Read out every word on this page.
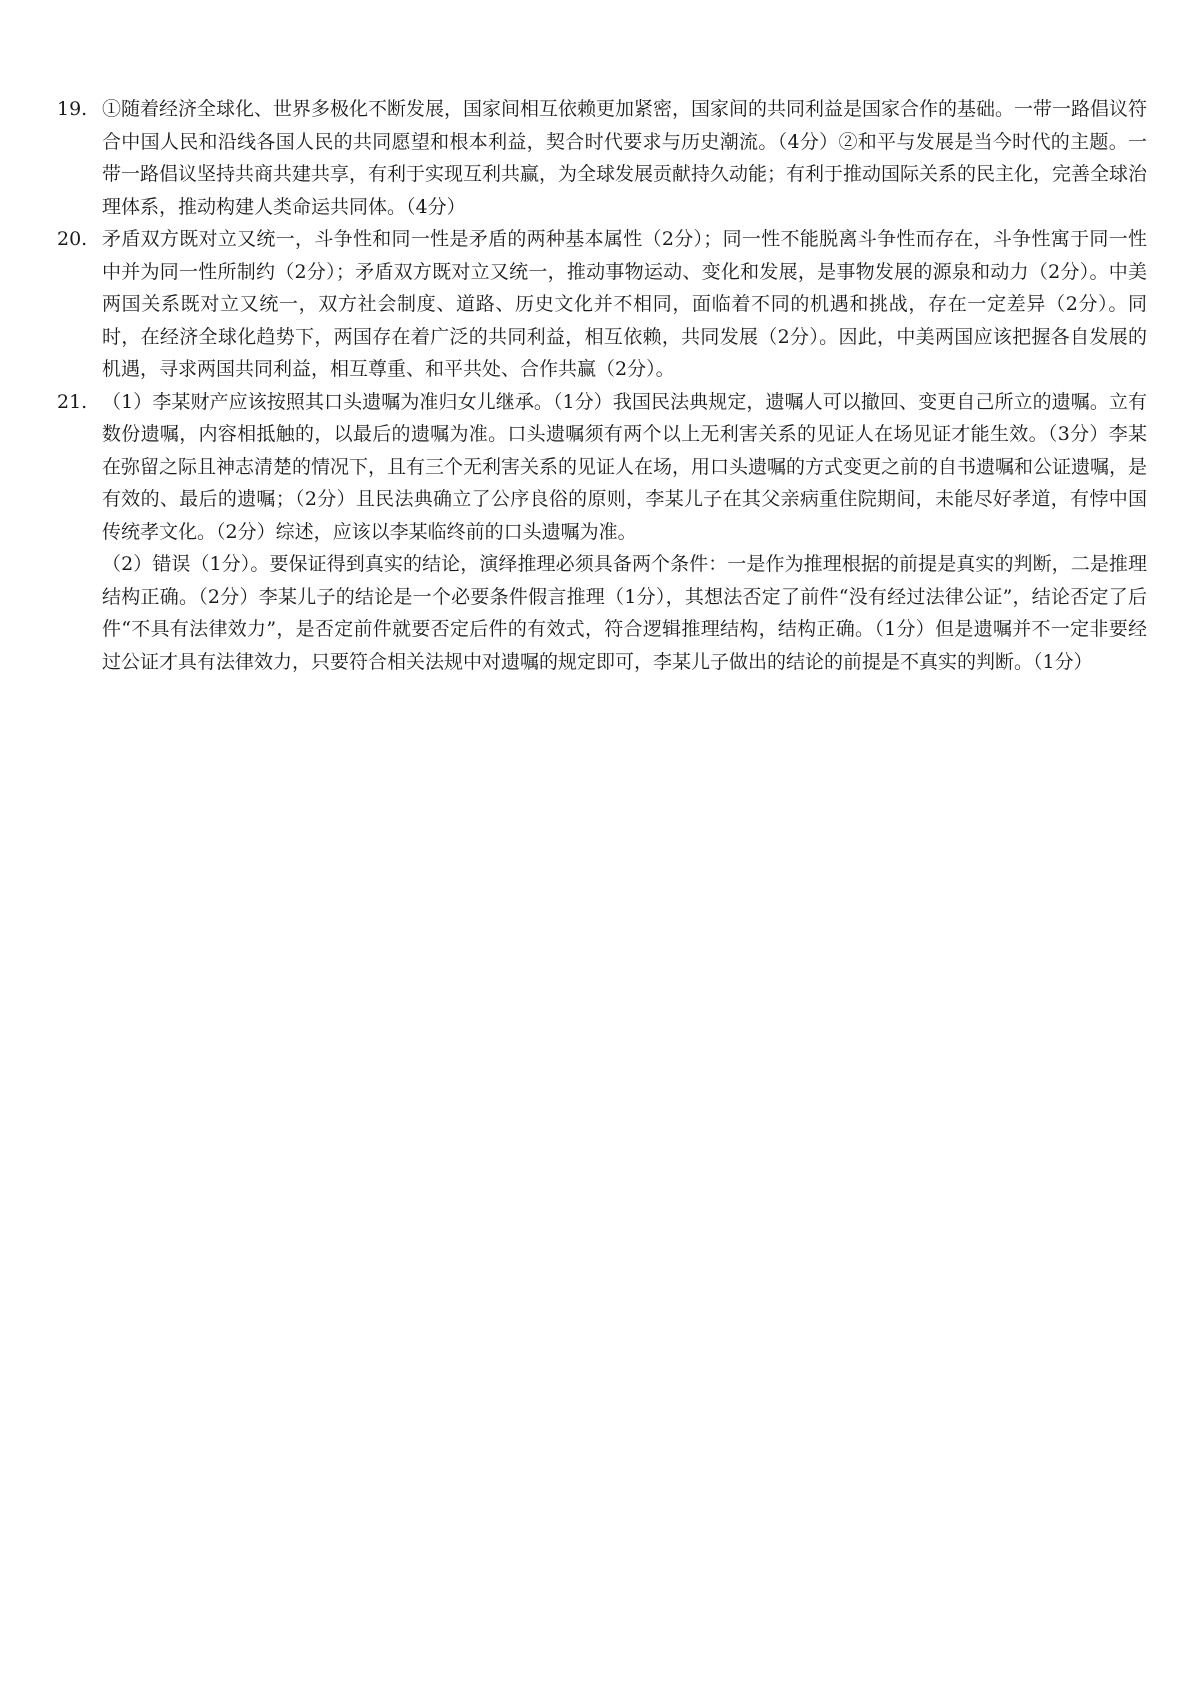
19. ①随着经济全球化、世界多极化不断发展，国家间相互依赖更加紧密，国家间的共同利益是国家合作的基础。一带一路倡议符合中国人民和沿线各国人民的共同愿望和根本利益，契合时代要求与历史潮流。（4分）②和平与发展是当今时代的主题。一带一路倡议坚持共商共建共享，有利于实现互利共赢，为全球发展贡献持久动能；有利于推动国际关系的民主化，完善全球治理体系，推动构建人类命运共同体。（4分）

20. 矛盾双方既对立又统一，斗争性和同一性是矛盾的两种基本属性（2分）；同一性不能脱离斗争性而存在，斗争性寓于同一性中并为同一性所制约（2分）；矛盾双方既对立又统一，推动事物运动、变化和发展，是事物发展的源泉和动力（2分）。中美两国关系既对立又统一，双方社会制度、道路、历史文化并不相同，面临着不同的机遇和挑战，存在一定差异（2分）。同时，在经济全球化趋势下，两国存在着广泛的共同利益，相互依赖，共同发展（2分）。因此，中美两国应该把握各自发展的机遇，寻求两国共同利益，相互尊重、和平共处、合作共赢（2分）。

21. （1）李某财产应该按照其口头遗嘱为准归女儿继承。（1分）我国民法典规定，遗嘱人可以撤回、变更自己所立的遗嘱。立有数份遗嘱，内容相抵触的，以最后的遗嘱为准。口头遗嘱须有两个以上无利害关系的见证人在场见证才能生效。（3分）李某在弥留之际且神志清楚的情况下，且有三个无利害关系的见证人在场，用口头遗嘱的方式变更之前的自书遗嘱和公证遗嘱，是有效的、最后的遗嘱；（2分）且民法典确立了公序良俗的原则，李某儿子在其父亲病重住院期间，未能尽好孝道，有悖中国传统孝文化。（2分）综述，应该以李某临终前的口头遗嘱为准。

（2）错误（1分）。要保证得到真实的结论，演绎推理必须具备两个条件：一是作为推理根据的前提是真实的判断，二是推理结构正确。（2分）李某儿子的结论是一个必要条件假言推理（1分），其想法否定了前件“没有经过法律公证”，结论否定了后件“不具有法律效力”，是否定前件就要否定后件的有效式，符合逻辑推理结构，结构正确。（1分）但是遗嘱并不一定非要经过公证才具有法律效力，只要符合相关法规中对遗嘱的规定即可，李某儿子做出的结论的前提是不真实的判断。（1分）
